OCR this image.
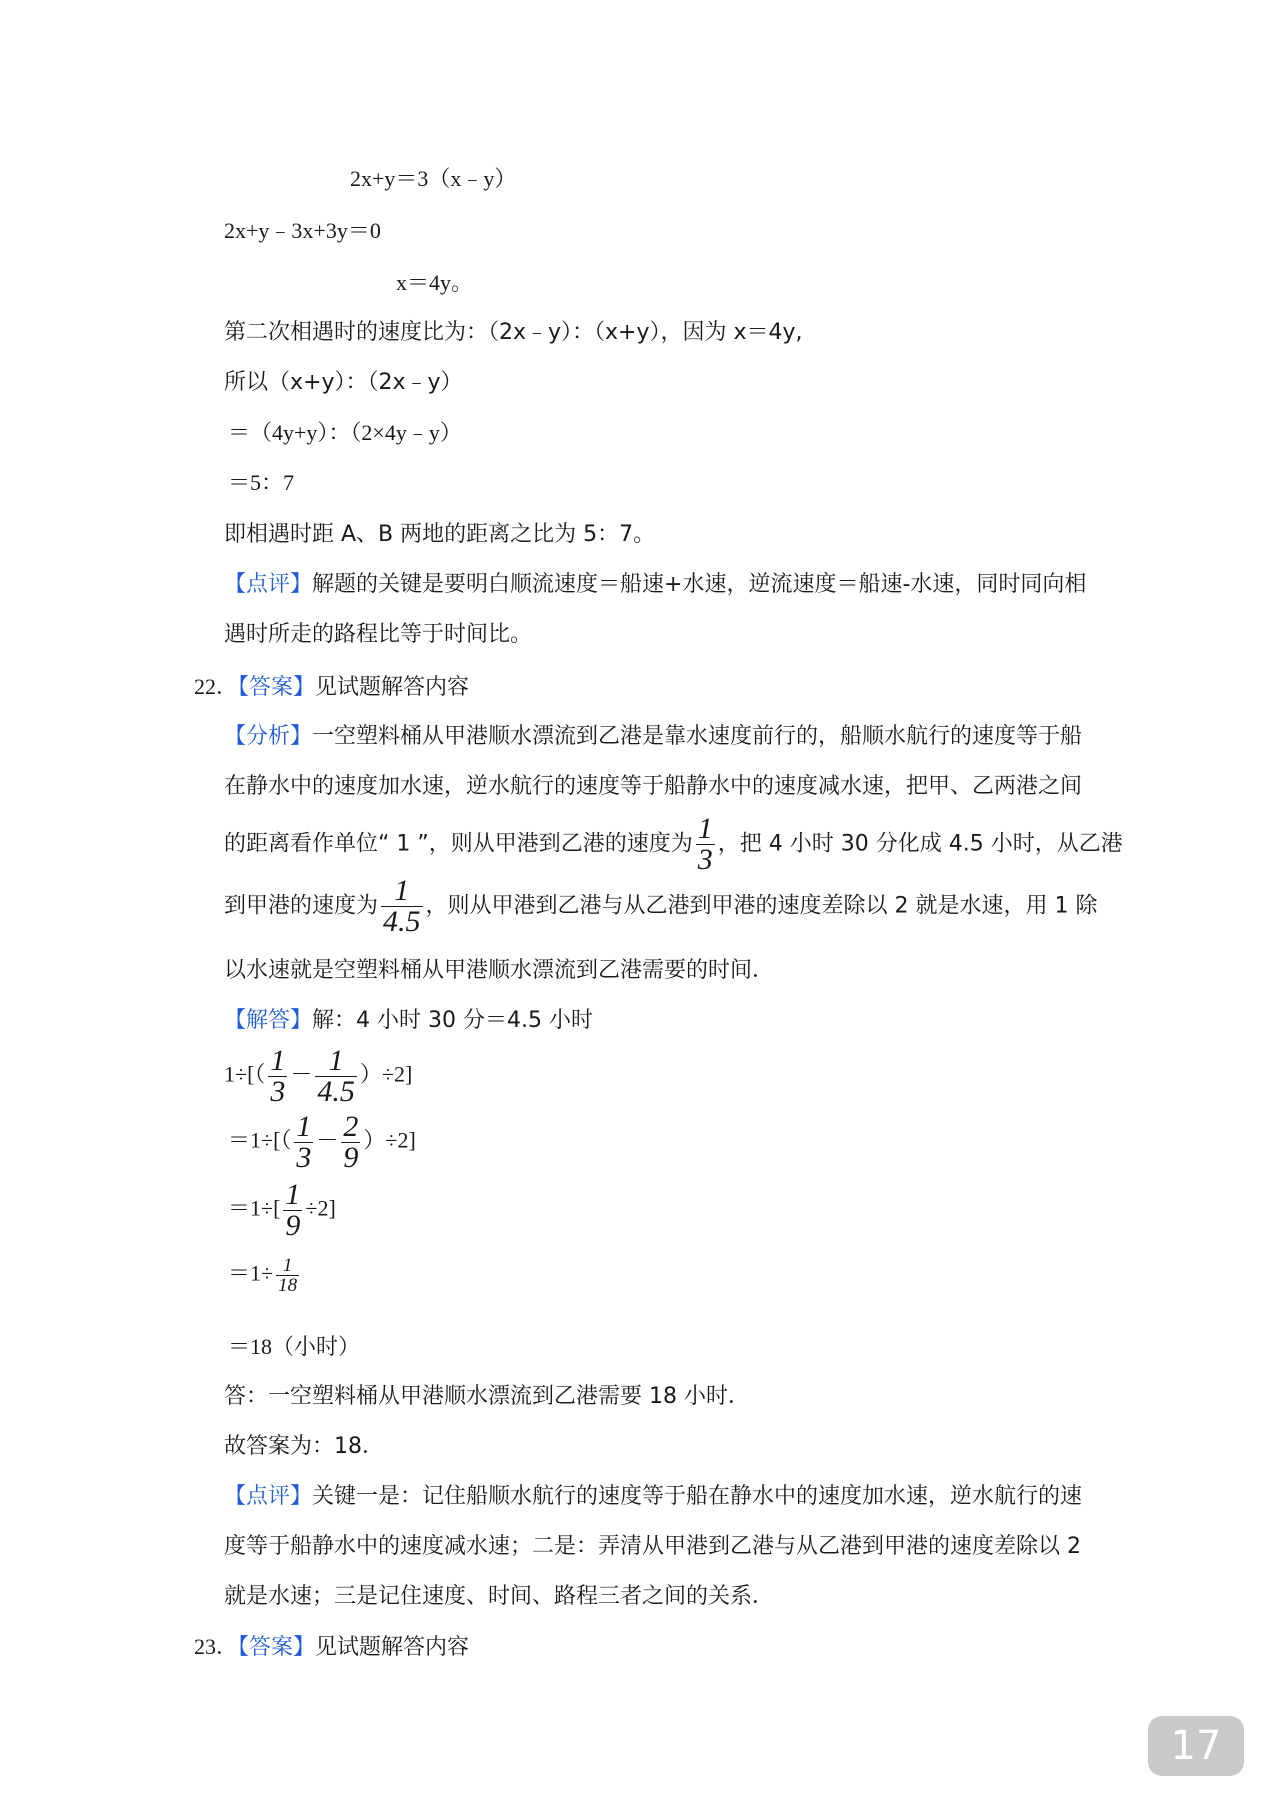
2x+y＝3（x﹣y）
2x+y﹣3x+3y＝0
x＝4y。
第二次相遇时的速度比为：（2x﹣y）：（x+y），因为 x＝4y,
所以（x+y）：（2x﹣y）
＝（4y+y）：（2×4y﹣y）
＝5：7
即相遇时距 A、B 两地的距离之比为 5：7。
【点评】解题的关键是要明白顺流速度＝船速+水速，逆流速度＝船速-水速，同时同向相
遇时所走的路程比等于时间比。
22．【答案】见试题解答内容
【分析】一空塑料桶从甲港顺水漂流到乙港是靠水速度前行的，船顺水航行的速度等于船
在静水中的速度加水速，逆水航行的速度等于船静水中的速度减水速，把甲、乙两港之间
的距离看作单位“ 1 ”，则从甲港到乙港的速度为 $\frac{1}{3}$ ，把 4 小时 30 分化成 4.5 小时，从乙港
到甲港的速度为 $\frac{1}{4.5}$ ，则从甲港到乙港与从乙港到甲港的速度差除以 2 就是水速，用 1 除
以水速就是空塑料桶从甲港顺水漂流到乙港需要的时间．
【解答】解：4 小时 30 分＝4.5 小时
$1\div[( \frac{1}{3} - \frac{1}{4.5} )\div 2]$
$=1\div[( \frac{1}{3} - \frac{2}{9} )\div 2]$
$=1\div[ \frac{1}{9} \div 2]$
$=1\div \frac{1}{18}$
＝18（小时）
答：一空塑料桶从甲港顺水漂流到乙港需要 18 小时．
故答案为：18．
【点评】关键一是：记住船顺水航行的速度等于船在静水中的速度加水速，逆水航行的速
度等于船静水中的速度减水速；二是：弄清从甲港到乙港与从乙港到甲港的速度差除以 2
就是水速；三是记住速度、时间、路程三者之间的关系．
23．【答案】见试题解答内容
17
